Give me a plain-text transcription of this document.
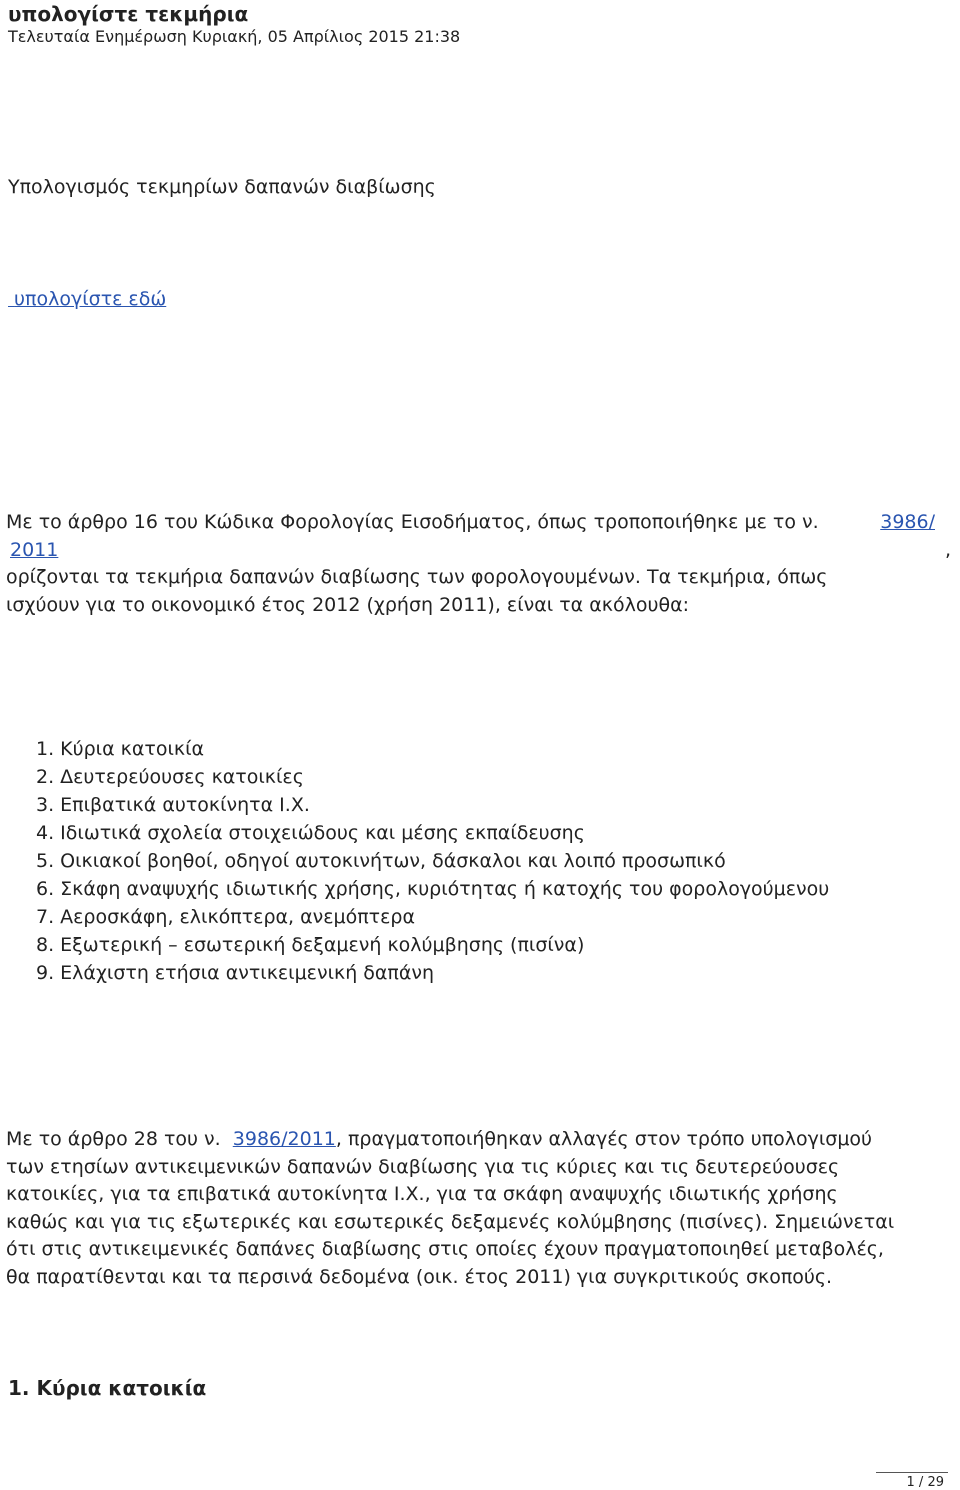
υπολογίστε τεκμήρια
Τελευταία Ενημέρωση Κυριακή, 05 Απρίλιος 2015 21:38
Υπολογισμός τεκμηρίων δαπανών διαβίωσης
υπολογίστε εδώ
Με το άρθρο 16 του Κώδικα Φορολογίας Εισοδήματος, όπως τροποποιήθηκε με το ν.	3986/
2011	,
ορίζονται τα τεκμήρια δαπανών διαβίωσης των φορολογουμένων. Τα τεκμήρια, όπως
ισχύουν για το οικονομικό έτος 2012 (χρήση 2011), είναι τα ακόλουθα:
1. Κύρια κατοικία
2. Δευτερεύουσες κατοικίες
3. Επιβατικά αυτοκίνητα Ι.Χ.
4. Ιδιωτικά σχολεία στοιχειώδους και μέσης εκπαίδευσης
5. Οικιακοί βοηθοί, οδηγοί αυτοκινήτων, δάσκαλοι και λοιπό προσωπικό
6. Σκάφη αναψυχής ιδιωτικής χρήσης, κυριότητας ή κατοχής του φορολογούμενου
7. Αεροσκάφη, ελικόπτερα, ανεμόπτερα
8. Εξωτερική – εσωτερική δεξαμενή κολύμβησης (πισίνα)
9. Ελάχιστη ετήσια αντικειμενική δαπάνη
Με το άρθρο 28 του ν. 3986/2011, πραγματοποιήθηκαν αλλαγές στον τρόπο υπολογισμού
των ετησίων αντικειμενικών δαπανών διαβίωσης για τις κύριες και τις δευτερεύουσες
κατοικίες, για τα επιβατικά αυτοκίνητα Ι.Χ., για τα σκάφη αναψυχής ιδιωτικής χρήσης
καθώς και για τις εξωτερικές και εσωτερικές δεξαμενές κολύμβησης (πισίνες). Σημειώνεται
ότι στις αντικειμενικές δαπάνες διαβίωσης στις οποίες έχουν πραγματοποιηθεί μεταβολές,
θα παρατίθενται και τα περσινά δεδομένα (οικ. έτος 2011) για συγκριτικούς σκοπούς.
1. Κύρια κατοικία
1 / 29
